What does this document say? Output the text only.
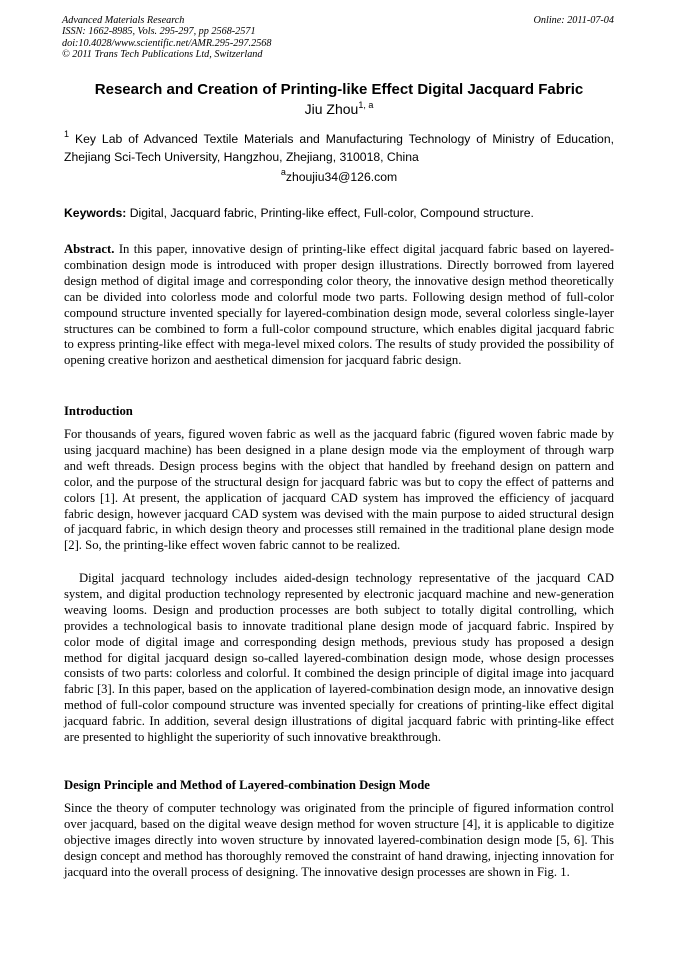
Advanced Materials Research
ISSN: 1662-8985, Vols. 295-297, pp 2568-2571
doi:10.4028/www.scientific.net/AMR.295-297.2568
© 2011 Trans Tech Publications Ltd, Switzerland
Online: 2011-07-04
Research and Creation of Printing-like Effect Digital Jacquard Fabric
Jiu Zhou$^{1, a}$
$^1$ Key Lab of Advanced Textile Materials and Manufacturing Technology of Ministry of Education, Zhejiang Sci-Tech University, Hangzhou, Zhejiang, 310018, China
$^a$zhoujiu34@126.com
Keywords: Digital, Jacquard fabric, Printing-like effect, Full-color, Compound structure.
Abstract. In this paper, innovative design of printing-like effect digital jacquard fabric based on layered-combination design mode is introduced with proper design illustrations. Directly borrowed from layered design method of digital image and corresponding color theory, the innovative design method theoretically can be divided into colorless mode and colorful mode two parts. Following design method of full-color compound structure invented specially for layered-combination design mode, several colorless single-layer structures can be combined to form a full-color compound structure, which enables digital jacquard fabric to express printing-like effect with mega-level mixed colors. The results of study provided the possibility of opening creative horizon and aesthetical dimension for jacquard fabric design.
Introduction
For thousands of years, figured woven fabric as well as the jacquard fabric (figured woven fabric made by using jacquard machine) has been designed in a plane design mode via the employment of through warp and weft threads. Design process begins with the object that handled by freehand design on pattern and color, and the purpose of the structural design for jacquard fabric was but to copy the effect of patterns and colors [1]. At present, the application of jacquard CAD system has improved the efficiency of jacquard fabric design, however jacquard CAD system was devised with the main purpose to aided structural design of jacquard fabric, in which design theory and processes still remained in the traditional plane design mode [2]. So, the printing-like effect woven fabric cannot to be realized.
Digital jacquard technology includes aided-design technology representative of the jacquard CAD system, and digital production technology represented by electronic jacquard machine and new-generation weaving looms. Design and production processes are both subject to totally digital controlling, which provides a technological basis to innovate traditional plane design mode of jacquard fabric. Inspired by color mode of digital image and corresponding design methods, previous study has proposed a design method for digital jacquard design so-called layered-combination design mode, whose design processes consists of two parts: colorless and colorful. It combined the design principle of digital image into jacquard fabric [3]. In this paper, based on the application of layered-combination design mode, an innovative design method of full-color compound structure was invented specially for creations of printing-like effect digital jacquard fabric. In addition, several design illustrations of digital jacquard fabric with printing-like effect are presented to highlight the superiority of such innovative breakthrough.
Design Principle and Method of Layered-combination Design Mode
Since the theory of computer technology was originated from the principle of figured information control over jacquard, based on the digital weave design method for woven structure [4], it is applicable to digitize objective images directly into woven structure by innovated layered-combination design mode [5, 6]. This design concept and method has thoroughly removed the constraint of hand drawing, injecting innovation for jacquard into the overall process of designing. The innovative design processes are shown in Fig. 1.
